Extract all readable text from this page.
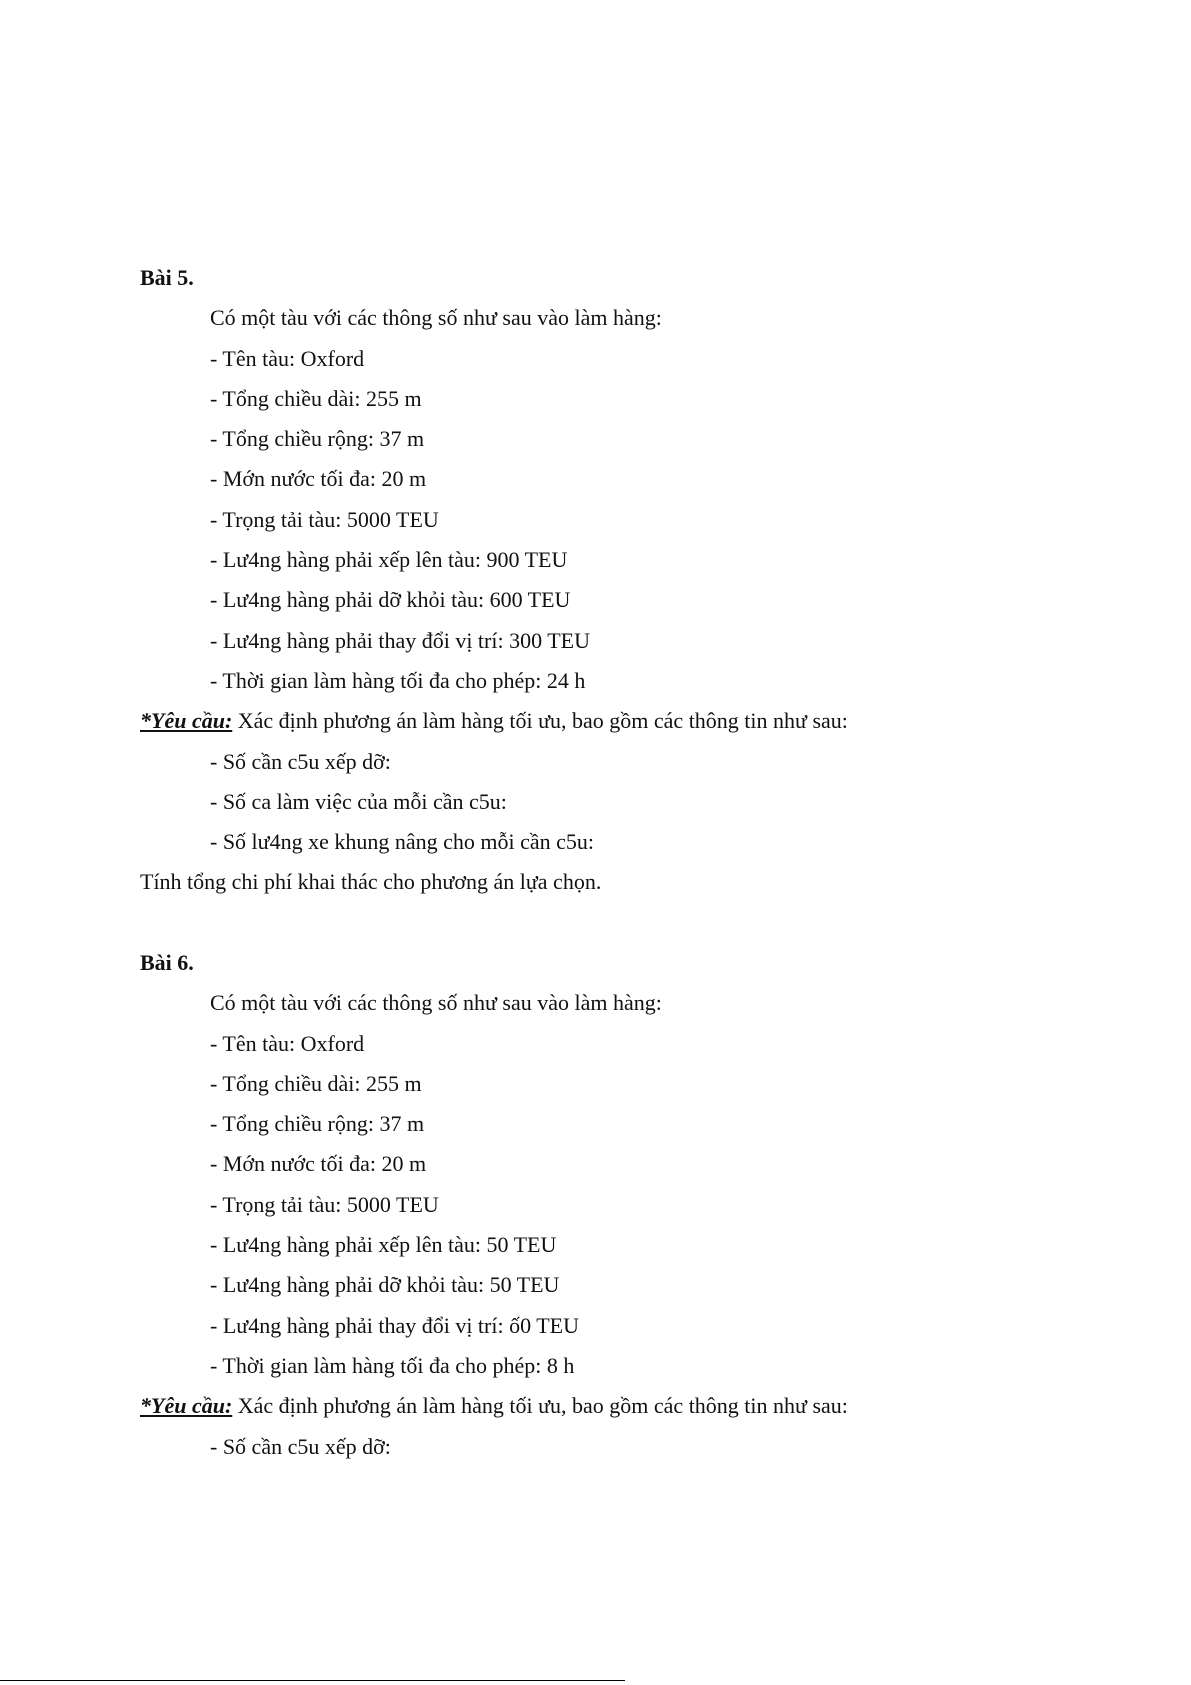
Bài 5.
Có một tàu với các thông số như sau vào làm hàng:
- Tên tàu: Oxford
- Tổng chiều dài: 255 m
- Tổng chiều rộng: 37 m
- Mớn nước tối đa: 20 m
- Trọng tải tàu: 5000 TEU
- Lư4ng hàng phải xếp lên tàu: 900 TEU
- Lư4ng hàng phải dỡ khỏi tàu: 600 TEU
- Lư4ng hàng phải thay đổi vị trí: 300 TEU
- Thời gian làm hàng tối đa cho phép: 24 h
*Yêu cầu: Xác định phương án làm hàng tối ưu, bao gồm các thông tin như sau:
- Số cần c5u xếp dỡ:
- Số ca làm việc của mỗi cần c5u:
- Số lư4ng xe khung nâng cho mỗi cần c5u:
Tính tổng chi phí khai thác cho phương án lựa chọn.
Bài 6.
Có một tàu với các thông số như sau vào làm hàng:
- Tên tàu: Oxford
- Tổng chiều dài: 255 m
- Tổng chiều rộng: 37 m
- Mớn nước tối đa: 20 m
- Trọng tải tàu: 5000 TEU
- Lư4ng hàng phải xếp lên tàu: 50 TEU
- Lư4ng hàng phải dỡ khỏi tàu: 50 TEU
- Lư4ng hàng phải thay đổi vị trí: ố0 TEU
- Thời gian làm hàng tối đa cho phép: 8 h
*Yêu cầu: Xác định phương án làm hàng tối ưu, bao gồm các thông tin như sau:
- Số cần c5u xếp dỡ:
